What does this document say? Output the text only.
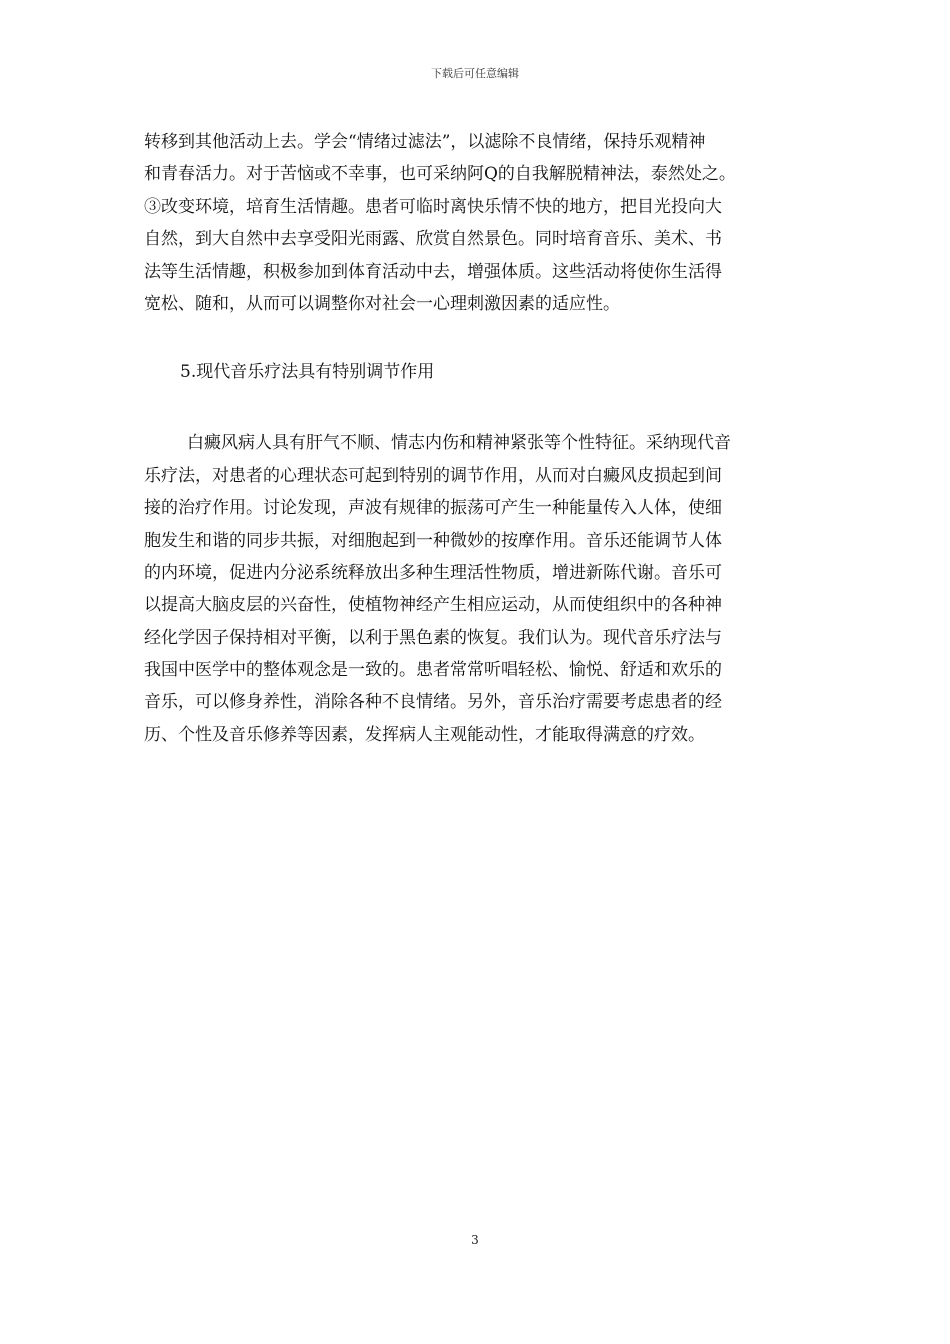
下载后可任意编辑
转移到其他活动上去。学会“情绪过滤法”，以滤除不良情绪，保持乐观精神
和青春活力。对于苦恼或不幸事，也可采纳阿Q的自我解脱精神法，泰然处之。
③改变环境，培育生活情趣。患者可临时离快乐情不快的地方，把目光投向大
自然，到大自然中去享受阳光雨露、欣赏自然景色。同时培育音乐、美术、书
法等生活情趣，积极参加到体育活动中去，增强体质。这些活动将使你生活得
宽松、随和，从而可以调整你对社会一心理刺激因素的适应性。
5.现代音乐疗法具有特别调节作用
白癜风病人具有肝气不顺、情志内伤和精神紧张等个性特征。采纳现代音
乐疗法，对患者的心理状态可起到特别的调节作用，从而对白癜风皮损起到间
接的治疗作用。讨论发现，声波有规律的振荡可产生一种能量传入人体，使细
胞发生和谐的同步共振，对细胞起到一种微妙的按摩作用。音乐还能调节人体
的内环境，促进内分泌系统释放出多种生理活性物质，增进新陈代谢。音乐可
以提高大脑皮层的兴奋性，使植物神经产生相应运动，从而使组织中的各种神
经化学因子保持相对平衡，以利于黑色素的恢复。我们认为。现代音乐疗法与
我国中医学中的整体观念是一致的。患者常常听唱轻松、愉悦、舒适和欢乐的
音乐，可以修身养性，消除各种不良情绪。另外，音乐治疗需要考虑患者的经
历、个性及音乐修养等因素，发挥病人主观能动性，才能取得满意的疗效。
3
